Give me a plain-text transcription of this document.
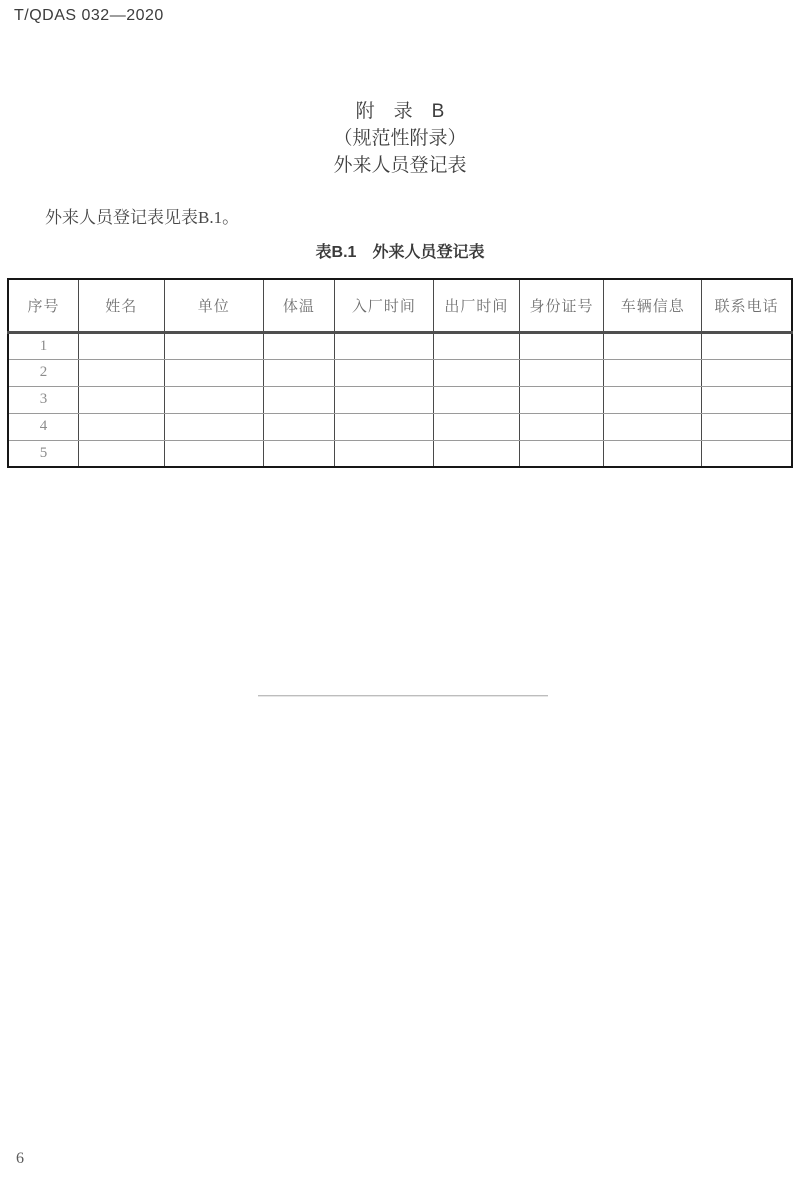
T/QDAS 032—2020
附　录　B
（规范性附录）
外来人员登记表
外来人员登记表见表B.1。
表B.1　外来人员登记表
序号	姓名	单位	体温	入厂时间	出厂时间	身份证号	车辆信息	联系电话
1								
2								
3								
4								
5								
6
